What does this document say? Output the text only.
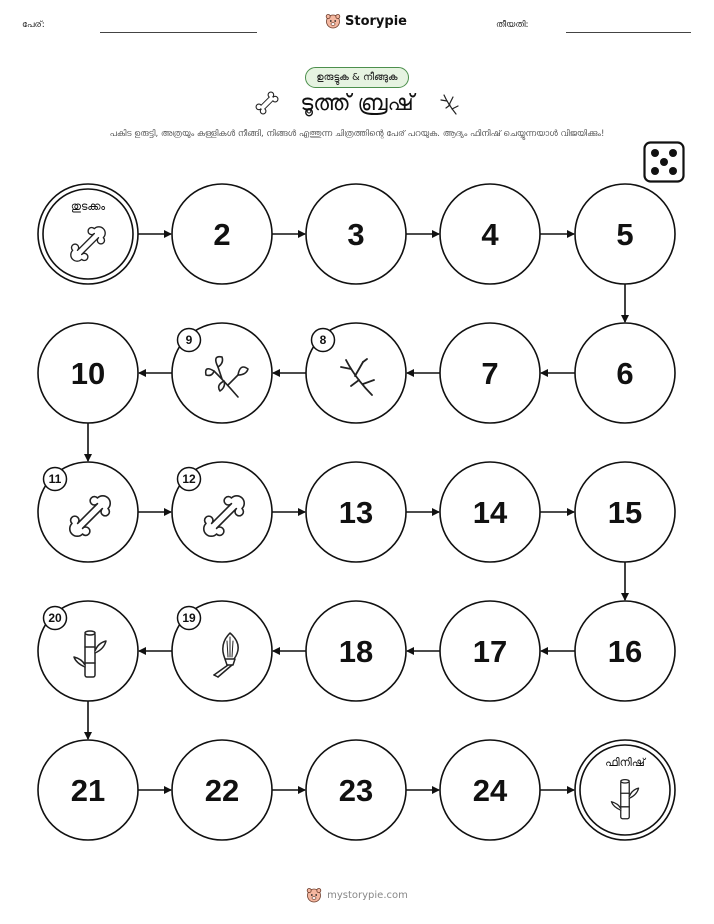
പേര്:	Storypie	തീയതി:
ഉരുട്ടുക & നീങ്ങുക
ടൂത്ത് ബ്രഷ്
പകിട ഉരുട്ടി, അത്രയും കള്ളികൾ നീങ്ങി, നിങ്ങൾ എത്തുന്ന ചിത്രത്തിന്റെ പേര് പറയുക. ആദ്യം ഫിനിഷ് ചെയ്യുന്നയാൾ വിജയിക്കും!
തുടക്കം
2	3	4	5
6
7
8
9
10
11	12
13	14	15
16
17
18
19
20
21	22	23	24
ഫിനിഷ്
mystorypie.com
